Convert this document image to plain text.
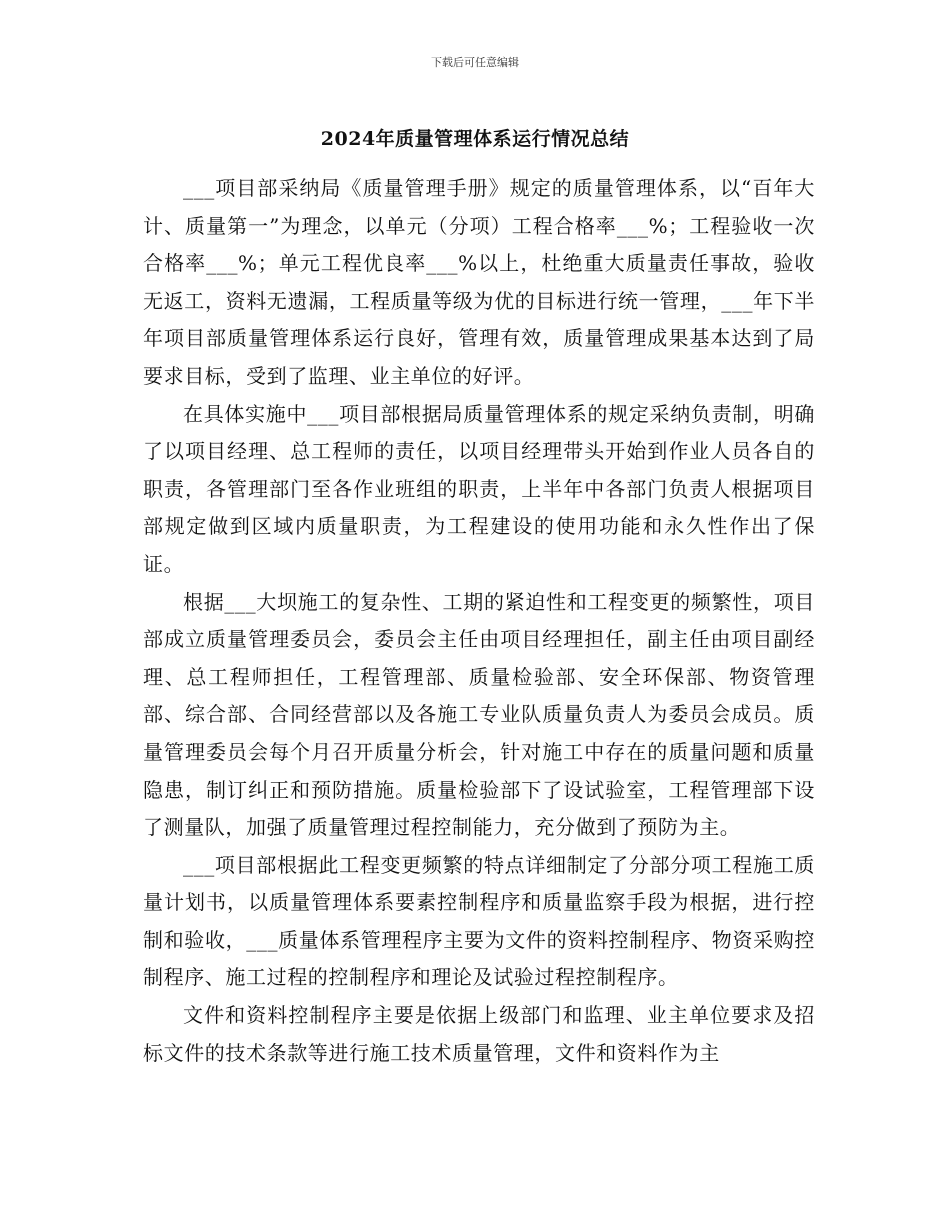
下载后可任意编辑
2024年质量管理体系运行情况总结

___项目部采纳局《质量管理手册》规定的质量管理体系，以“百年大计、质量第一”为理念，以单元（分项）工程合格率___%；工程验收一次合格率___%；单元工程优良率___%以上，杜绝重大质量责任事故，验收无返工，资料无遗漏，工程质量等级为优的目标进行统一管理，___年下半年项目部质量管理体系运行良好，管理有效，质量管理成果基本达到了局要求目标，受到了监理、业主单位的好评。

在具体实施中___项目部根据局质量管理体系的规定采纳负责制，明确了以项目经理、总工程师的责任，以项目经理带头开始到作业人员各自的职责，各管理部门至各作业班组的职责，上半年中各部门负责人根据项目部规定做到区域内质量职责，为工程建设的使用功能和永久性作出了保证。

根据___大坝施工的复杂性、工期的紧迫性和工程变更的频繁性，项目部成立质量管理委员会，委员会主任由项目经理担任，副主任由项目副经理、总工程师担任，工程管理部、质量检验部、安全环保部、物资管理部、综合部、合同经营部以及各施工专业队质量负责人为委员会成员。质量管理委员会每个月召开质量分析会，针对施工中存在的质量问题和质量隐患，制订纠正和预防措施。质量检验部下了设试验室，工程管理部下设了测量队，加强了质量管理过程控制能力，充分做到了预防为主。

___项目部根据此工程变更频繁的特点详细制定了分部分项工程施工质量计划书，以质量管理体系要素控制程序和质量监察手段为根据，进行控制和验收，___质量体系管理程序主要为文件的资料控制程序、物资采购控制程序、施工过程的控制程序和理论及试验过程控制程序。

文件和资料控制程序主要是依据上级部门和监理、业主单位要求及招标文件的技术条款等进行施工技术质量管理，文件和资料作为主
